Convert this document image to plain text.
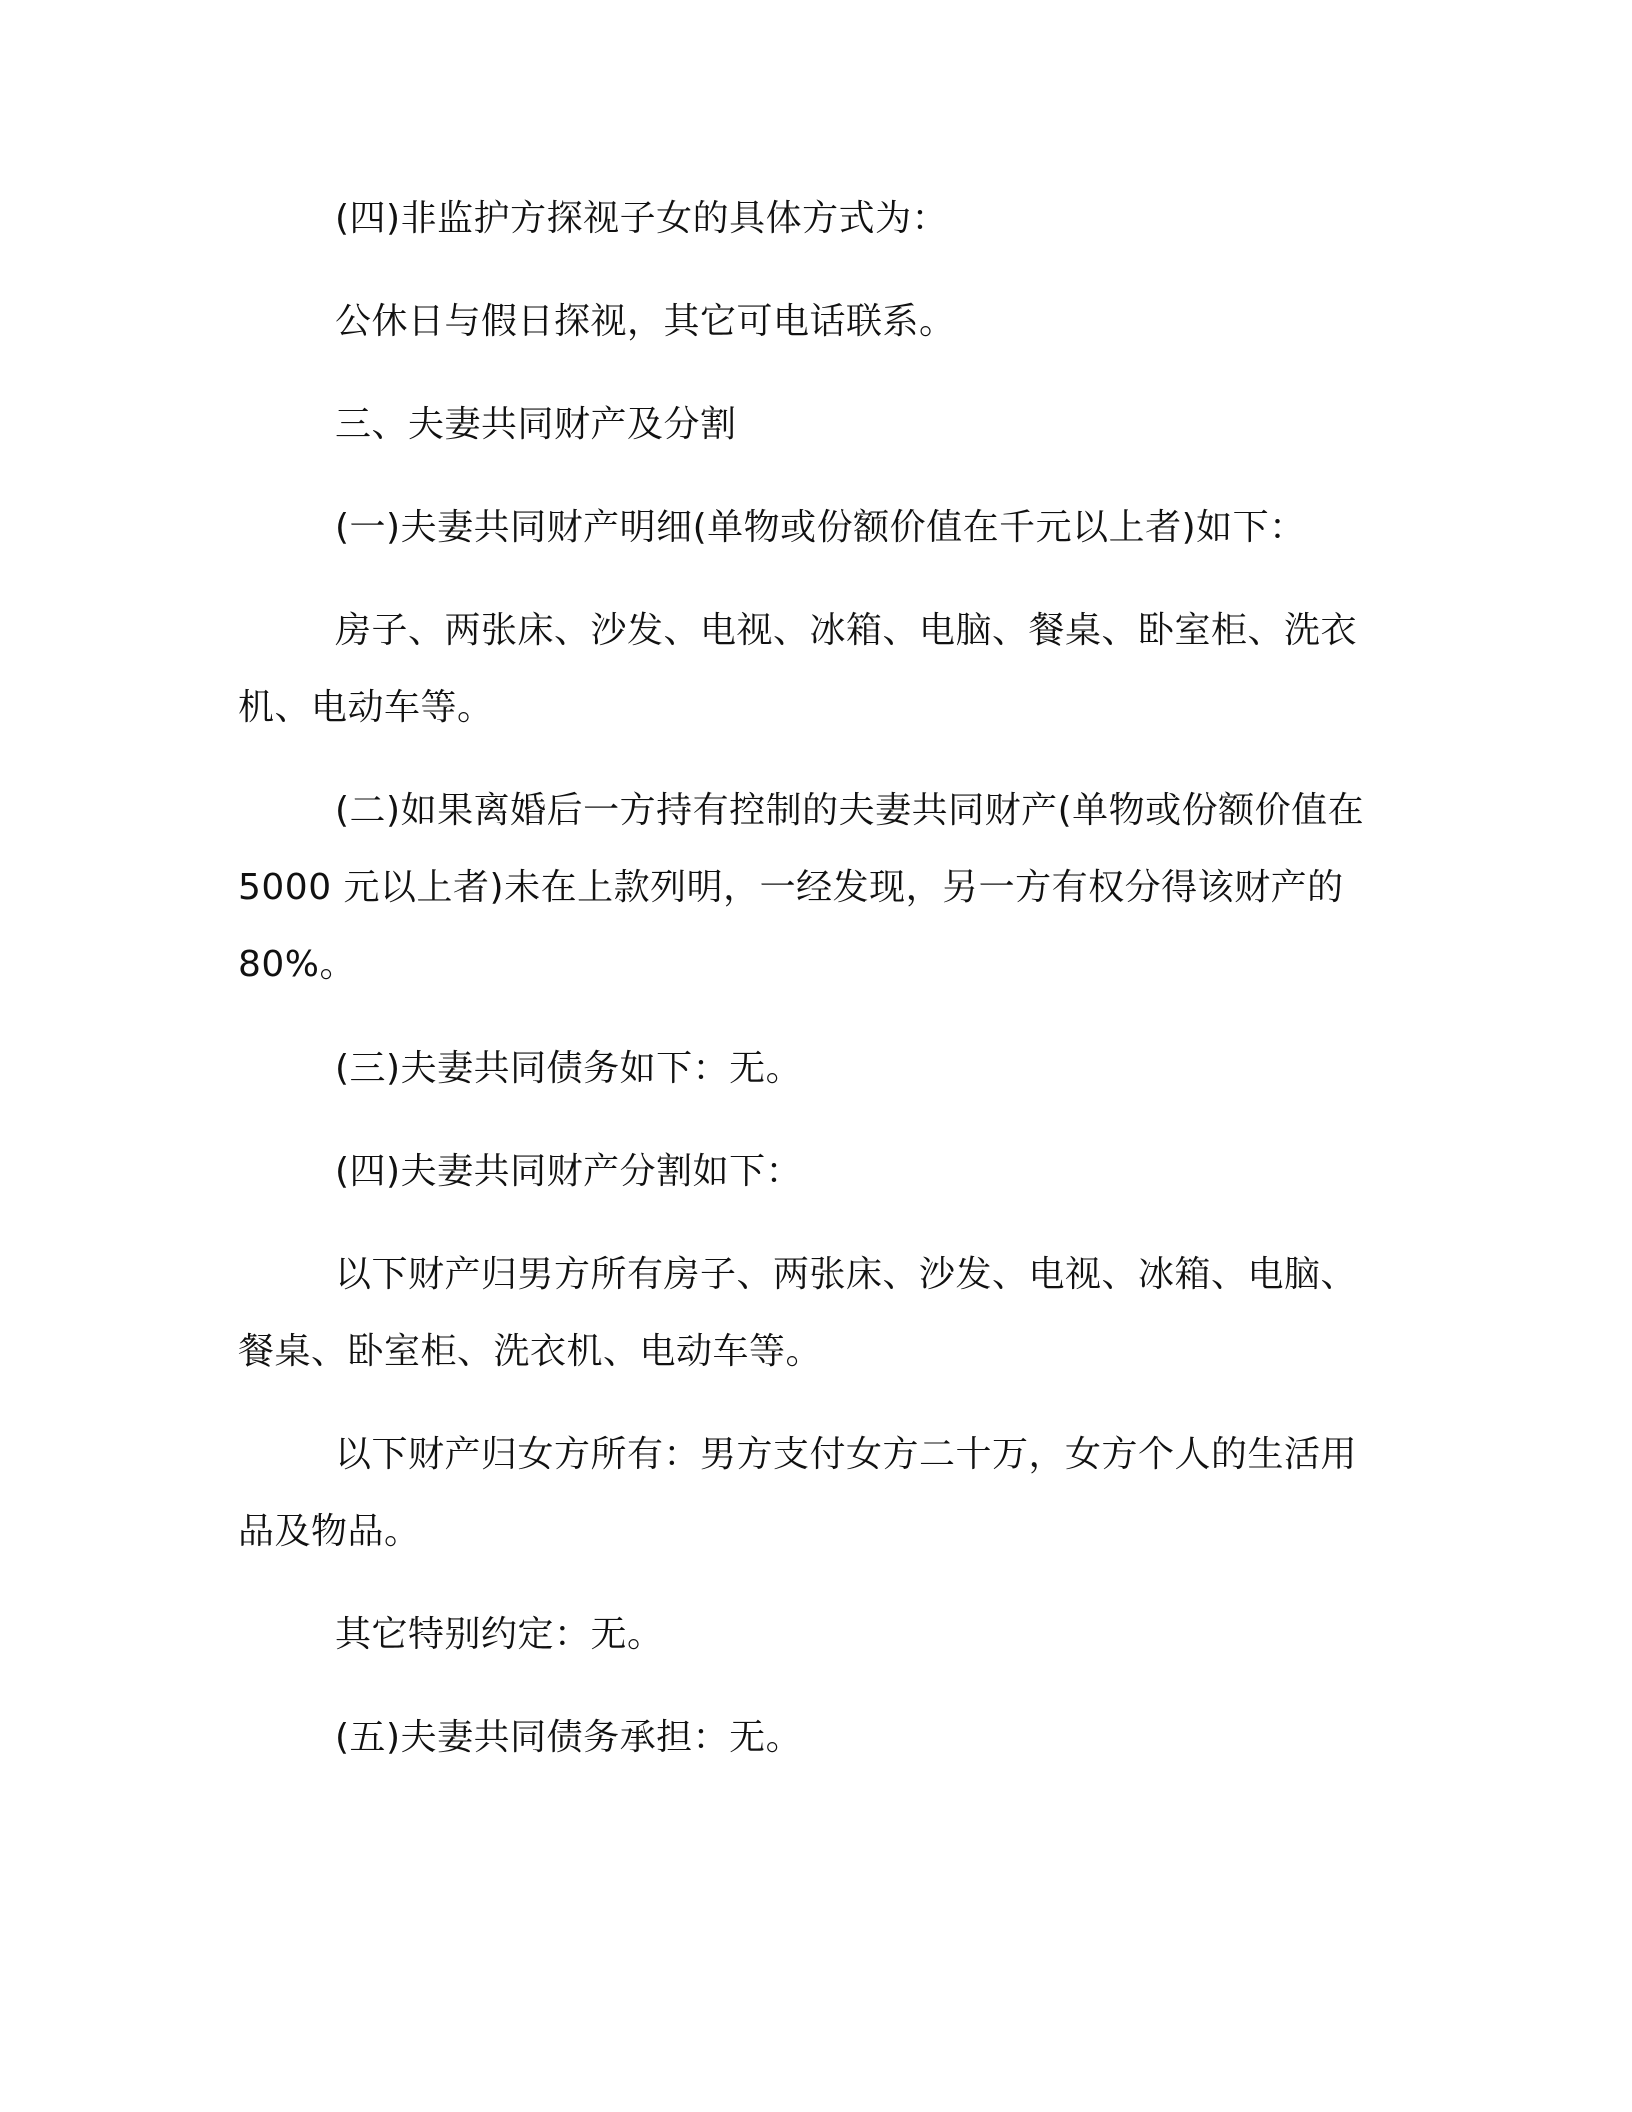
(四)非监护方探视子女的具体方式为：

公休日与假日探视，其它可电话联系。

三、夫妻共同财产及分割

(一)夫妻共同财产明细(单物或份额价值在千元以上者)如下：

房子、两张床、沙发、电视、冰箱、电脑、餐桌、卧室柜、洗衣机、电动车等。

(二)如果离婚后一方持有控制的夫妻共同财产(单物或份额价值在 5000 元以上者)未在上款列明，一经发现，另一方有权分得该财产的 80%。

(三)夫妻共同债务如下：无。

(四)夫妻共同财产分割如下：

以下财产归男方所有房子、两张床、沙发、电视、冰箱、电脑、餐桌、卧室柜、洗衣机、电动车等。

以下财产归女方所有：男方支付女方二十万，女方个人的生活用品及物品。

其它特别约定：无。

(五)夫妻共同债务承担：无。
